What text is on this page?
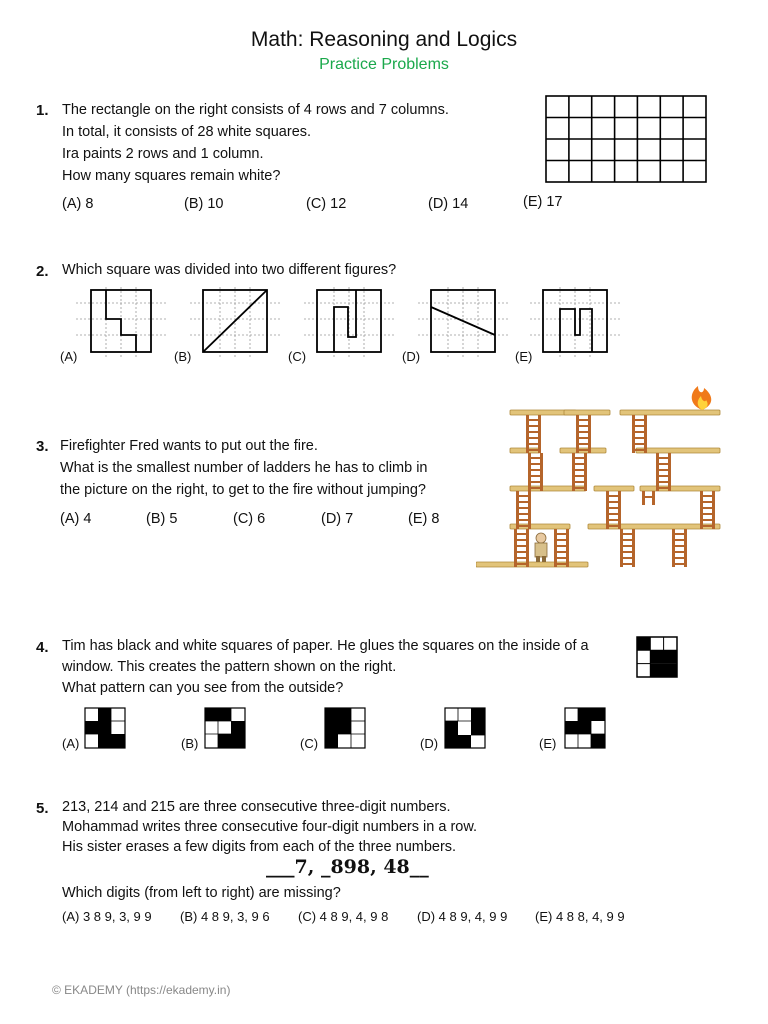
Math: Reasoning and Logics
Practice Problems
1. The rectangle on the right consists of 4 rows and 7 columns.
In total, it consists of 28 white squares.
Ira paints 2 rows and 1 column.
How many squares remain white?
(A) 8	(B) 10	(C) 12	(D) 14	(E) 17
2. Which square was divided into two different figures?
(A)	(B)	(C)	(D)	(E)
3. Firefighter Fred wants to put out the fire.
What is the smallest number of ladders he has to climb in
the picture on the right, to get to the fire without jumping?
(A) 4	(B) 5	(C) 6	(D) 7	(E) 8
4. Tim has black and white squares of paper. He glues the squares on the inside of a
window. This creates the pattern shown on the right.
What pattern can you see from the outside?
(A)	(B)	(C)	(D)	(E)
5. 213, 214 and 215 are three consecutive three-digit numbers.
Mohammad writes three consecutive four-digit numbers in a row.
His sister erases a few digits from each of the three numbers.
___7, _898, 48__
Which digits (from left to right) are missing?
(A) 3 8 9, 3, 9 9 (B) 4 8 9, 3, 9 6 (C) 4 8 9, 4, 9 8 (D) 4 8 9, 4, 9 9 (E) 4 8 8, 4, 9 9
© EKADEMY (https://ekademy.in)
